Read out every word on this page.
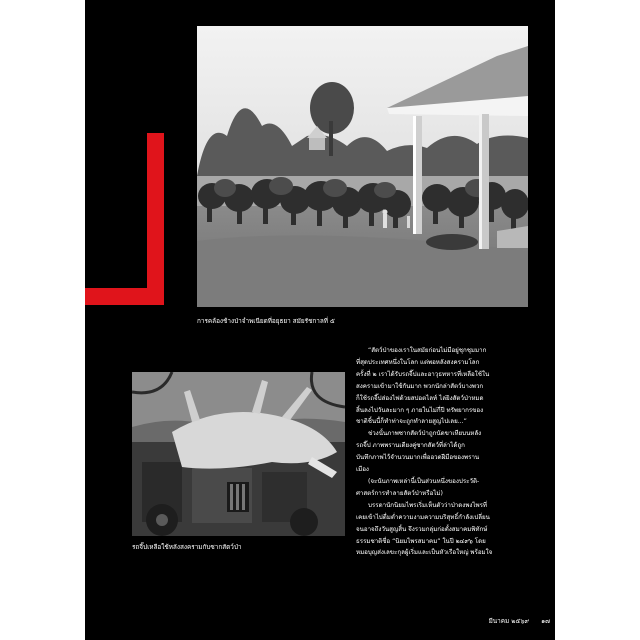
การคล้องช้างป่าจำพเนียดที่อยุธยา สมัยรัชกาลที่ ๕
รถจี๊ปเหลือใช้หลังสงครามกับซากสัตว์ป่า

“สัตว์ป่าของเราในสมัยก่อนไม่มีอยู่ชุกชุมมาก
ที่สุดประเทศหนึ่งในโลก แต่พอหลังสงครามโลก
ครั้งที่ ๒ เราได้รับรถจี๊ปและอาวุธทหารที่เหลือใช้ใน
สงครามเข้ามาใช้กันมาก พวกนักล่าสัตว์บางพวก
ก็ใช้รถจี๊ปส่องไฟด้วยสปอตไลท์ ไล่ยิงสัตว์ป่าหมด
สิ้นลงไปวันละมาก ๆ ภายในไม่กี่ปี ทรัพยากรของ
ชาติชิ้นนี้ก็ทำท่าจะถูกทำลายสูญไปเลย...”

ช่วงนั้นภาพซากสัตว์ป่าถูกนัดขาเหียบนหลัง
รถจี๊ป ภาพพรานเดียงคู่ซากสัตว์ที่ล่าได้ถูก
บันทึกภาพไว้จำนวนมากเพื่ออวดฝีมือของพราน
เมือง

(จะนับภาพเหล่านี้เป็นส่วนหนึ่งของประวัติ-
ศาสตร์การทำลายสัตว์ป่าหรือไม่)

บรรดานักนิยมไพรเริ่มเห็นตัวว่าป่าดงพงไพรที่
เคยเข้าไปดื่มด่ำความงามความบริสุทธิ์กำลังเปลี่ยน
จนอาจถึงวันสูญสิ้น จึงรวมกลุ่มก่อตั้งสมาคมพิทักษ์
ธรรมชาติชื่อ “นิยมไพรสมาคม” ในปี ๒๔๙๖ โดย
หมอบุญส่งเลขะกุลผู้เริ่มและเป็นหัวเรือใหญ่ พร้อมใจ

มีนาคม ๒๕๖๙ ๑๗
